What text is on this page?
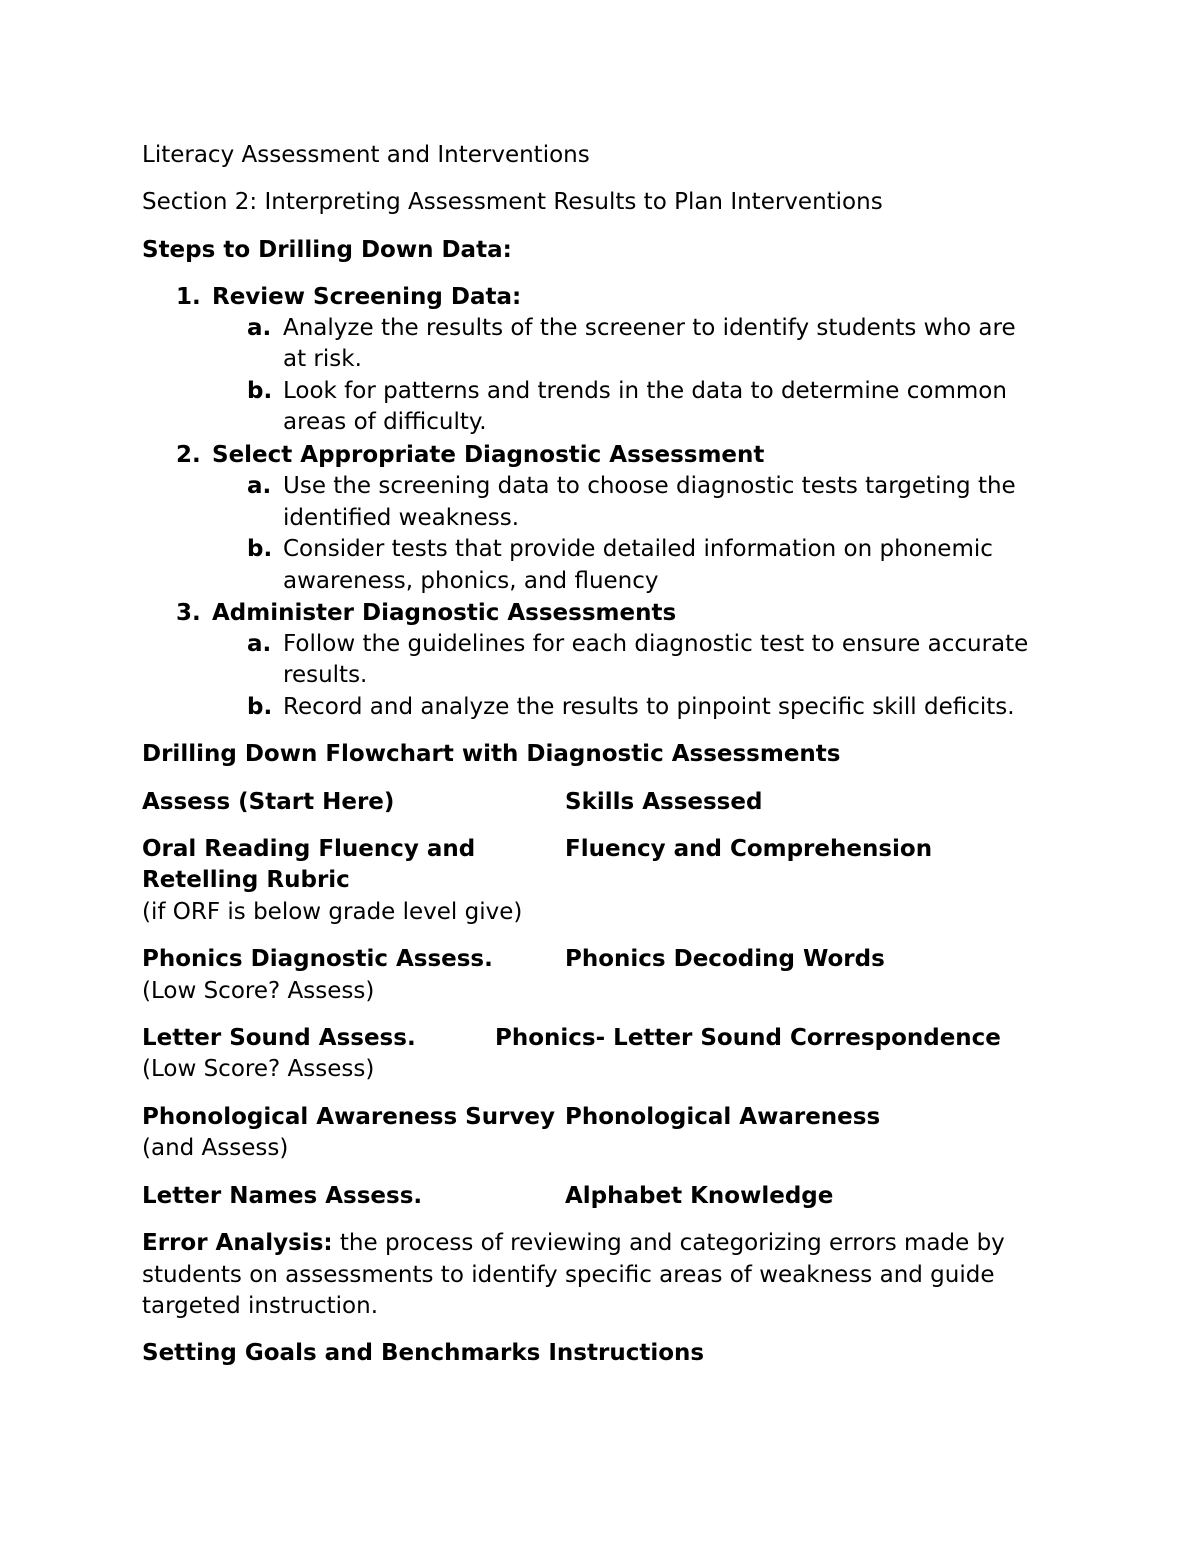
Literacy Assessment and Interventions

Section 2: Interpreting Assessment Results to Plan Interventions

Steps to Drilling Down Data:

1. Review Screening Data:

a. Analyze the results of the screener to identify students who are

at risk.

b. Look for patterns and trends in the data to determine common

areas of difficulty.

2. Select Appropriate Diagnostic Assessment

a. Use the screening data to choose diagnostic tests targeting the

identified weakness.

b. Consider tests that provide detailed information on phonemic

awareness, phonics, and fluency

3. Administer Diagnostic Assessments

a. Follow the guidelines for each diagnostic test to ensure accurate

results.

b. Record and analyze the results to pinpoint specific skill deficits.

Drilling Down Flowchart with Diagnostic Assessments

Assess (Start Here)	Skills Assessed

Oral Reading Fluency and

Retelling Rubric

(if ORF is below grade level give)

Fluency and Comprehension

Phonics Diagnostic Assess.

(Low Score? Assess)

Phonics Decoding Words

Letter Sound Assess.

(Low Score? Assess)

Phonics- Letter Sound Correspondence

Phonological Awareness Survey

(and Assess)

Phonological Awareness

Letter Names Assess.	Alphabet Knowledge

Error Analysis: the process of reviewing and categorizing errors made by

students on assessments to identify specific areas of weakness and guide

targeted instruction.

Setting Goals and Benchmarks Instructions
